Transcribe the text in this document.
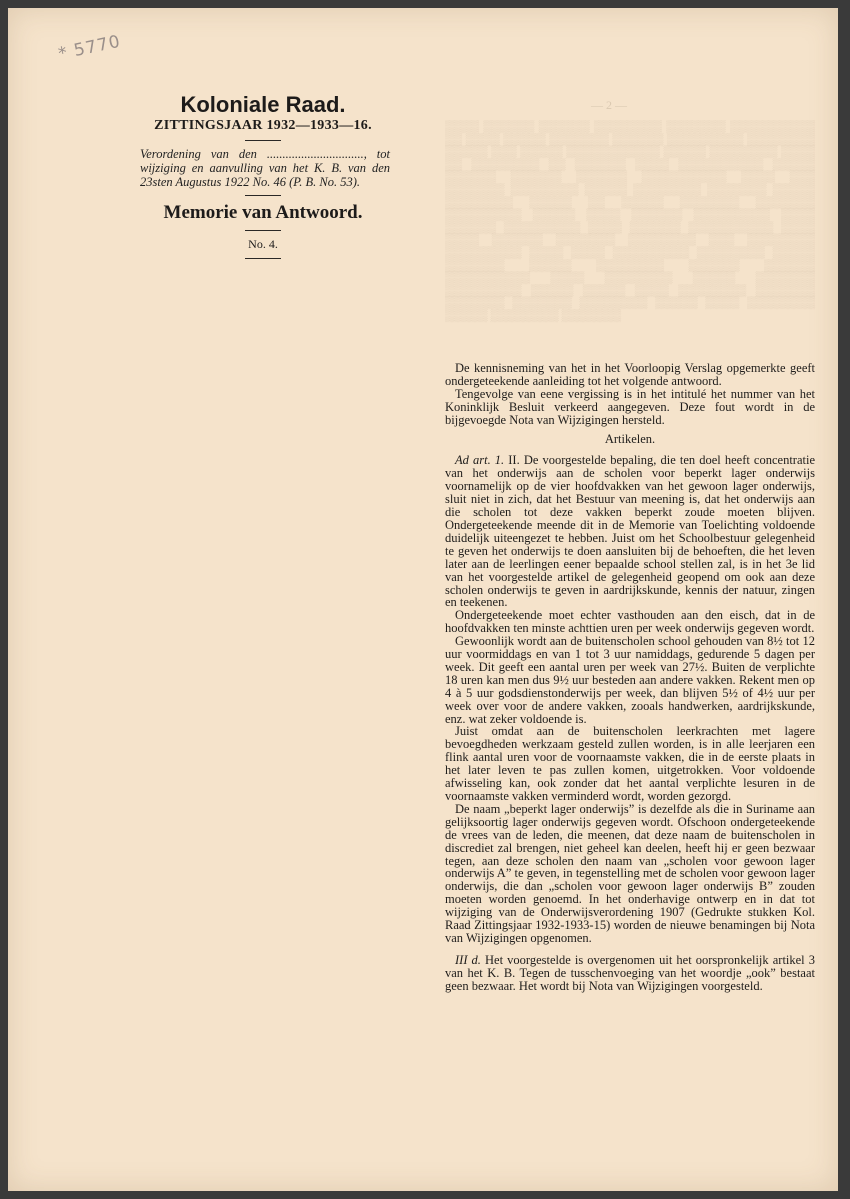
* 5770
— 2 —
▒▒▒▒ ▒▒▒▒▒▒ ▒▒▒▒▒▒ ▒▒▒▒▒▒▒▒ ▒▒▒▒▒▒▒ ▒▒▒▒▒▒▒▒▒▒ ▒▒ ▒▒▒▒ ▒▒▒▒▒ ▒▒▒▒▒▒▒ ▒▒▒▒▒▒ ▒▒▒▒▒▒▒▒▒ ▒▒▒▒▒▒▒▒ ▒▒▒▒▒ ▒▒▒ ▒▒▒▒▒ ▒▒▒▒▒▒▒▒▒▒▒ ▒▒▒▒▒ ▒▒▒▒▒▒▒▒ ▒▒▒▒ ▒▒ ▒▒▒▒▒▒▒▒ ▒▒ ▒▒▒▒▒▒ ▒▒▒▒ ▒▒▒▒▒▒▒▒▒▒ ▒▒▒▒▒ ▒▒▒▒▒▒ ▒▒▒▒▒▒ ▒▒▒▒▒▒ ▒▒▒▒▒▒▒▒▒▒ ▒▒▒▒ ▒▒▒ ▒▒▒▒▒▒▒ ▒▒▒▒▒▒▒▒ ▒▒▒▒▒ ▒▒▒▒▒▒▒▒ ▒▒▒▒▒▒▒ ▒▒▒▒▒ ▒▒▒▒▒▒▒▒ ▒▒▒▒▒ ▒▒ ▒▒▒▒▒ ▒▒▒▒▒▒▒ ▒▒▒▒▒▒▒ ▒▒▒▒▒▒▒▒▒ ▒▒▒▒▒ ▒▒▒▒ ▒▒▒▒▒▒ ▒▒▒▒▒▒▒▒▒ ▒▒▒▒ ▒▒▒▒▒▒ ▒▒▒▒▒▒▒▒▒ ▒▒▒▒ ▒▒▒▒▒▒ ▒▒▒▒▒▒▒▒▒▒ ▒▒▒▒ ▒▒▒▒ ▒▒▒▒▒▒ ▒▒▒▒▒▒▒ ▒▒▒▒▒▒▒▒ ▒▒▒ ▒▒▒▒▒▒▒▒ ▒▒▒▒▒▒▒▒▒ ▒▒▒▒ ▒▒▒▒ ▒▒▒▒▒▒▒▒▒ ▒▒▒▒▒▒▒▒ ▒▒▒▒▒ ▒▒▒▒▒▒▒ ▒▒▒▒▒ ▒▒▒▒▒▒▒▒ ▒▒▒▒▒▒ ▒▒▒▒▒▒ ▒▒▒▒▒▒▒▒▒▒ ▒▒▒▒ ▒▒▒▒▒▒▒▒ ▒▒▒▒▒ ▒▒▒▒▒▒▒ ▒▒▒▒▒▒▒▒▒ ▒▒▒▒▒ ▒▒▒▒▒ ▒▒▒▒ ▒▒▒▒▒▒▒▒ ▒▒▒▒▒▒▒ ▒▒▒▒▒▒▒ ▒▒▒▒▒▒▒ ▒▒▒▒▒▒▒▒ ▒▒▒▒▒ ▒▒▒▒ ▒▒▒▒▒▒▒▒ ▒▒▒▒▒ ▒▒▒▒▒▒▒▒ ▒▒▒▒▒▒▒

Koloniale Raad.

ZITTINGSJAAR 1932—1933—16.

Verordening van den ..............................., tot wijziging en aanvulling van het K. B. van den 23sten Augustus 1922 No. 46 (P. B. No. 53).

Memorie van Antwoord.

No. 4.

De kennisneming van het in het Voorloopig Verslag opgemerkte geeft ondergeteekende aanleiding tot het volgende antwoord.

Tengevolge van eene vergissing is in het intitulé het nummer van het Koninklijk Besluit verkeerd aangegeven. Deze fout wordt in de bijgevoegde Nota van Wijzigingen hersteld.

Artikelen.

Ad art. 1. II. De voorgestelde bepaling, die ten doel heeft concentratie van het onderwijs aan de scholen voor beperkt lager onderwijs voornamelijk op de vier hoofdvakken van het gewoon lager onderwijs, sluit niet in zich, dat het Bestuur van meening is, dat het onderwijs aan die scholen tot deze vakken beperkt zoude moeten blijven. Ondergeteekende meende dit in de Memorie van Toelichting voldoende duidelijk uiteengezet te hebben. Juist om het Schoolbestuur gelegenheid te geven het onderwijs te doen aansluiten bij de behoeften, die het leven later aan de leerlingen eener bepaalde school stellen zal, is in het 3e lid van het voorgestelde artikel de gelegenheid geopend om ook aan deze scholen onderwijs te geven in aardrijkskunde, kennis der natuur, zingen en teekenen.

Ondergeteekende moet echter vasthouden aan den eisch, dat in de hoofdvakken ten minste achttien uren per week onderwijs gegeven wordt.

Gewoonlijk wordt aan de buitenscholen school gehouden van 8½ tot 12 uur voormiddags en van 1 tot 3 uur namiddags, gedurende 5 dagen per week. Dit geeft een aantal uren per week van 27½. Buiten de verplichte 18 uren kan men dus 9½ uur besteden aan andere vakken. Rekent men op 4 à 5 uur godsdienstonderwijs per week, dan blijven 5½ of 4½ uur per week over voor de andere vakken, zooals handwerken, aardrijkskunde, enz. wat zeker voldoende is.

Juist omdat aan de buitenscholen leerkrachten met lagere bevoegdheden werkzaam gesteld zullen worden, is in alle leerjaren een flink aantal uren voor de voornaamste vakken, die in de eerste plaats in het later leven te pas zullen komen, uitgetrokken. Voor voldoende afwisseling kan, ook zonder dat het aantal verplichte lesuren in de voornaamste vakken verminderd wordt, worden gezorgd.

De naam „beperkt lager onderwijs” is dezelfde als die in Suriname aan gelijksoortig lager onderwijs gegeven wordt. Ofschoon ondergeteekende de vrees van de leden, die meenen, dat deze naam de buitenscholen in discrediet zal brengen, niet geheel kan deelen, heeft hij er geen bezwaar tegen, aan deze scholen den naam van „scholen voor gewoon lager onderwijs A” te geven, in tegenstelling met de scholen voor gewoon lager onderwijs, die dan „scholen voor gewoon lager onderwijs B” zouden moeten worden genoemd. In het onderhavige ontwerp en in dat tot wijziging van de Onderwijsverordening 1907 (Gedrukte stukken Kol. Raad Zittingsjaar 1932-1933-15) worden de nieuwe benamingen bij Nota van Wijzigingen opgenomen.

III d. Het voorgestelde is overgenomen uit het oorspronkelijk artikel 3 van het K. B. Tegen de tusschenvoeging van het woordje „ook” bestaat geen bezwaar. Het wordt bij Nota van Wijzigingen voorgesteld.
